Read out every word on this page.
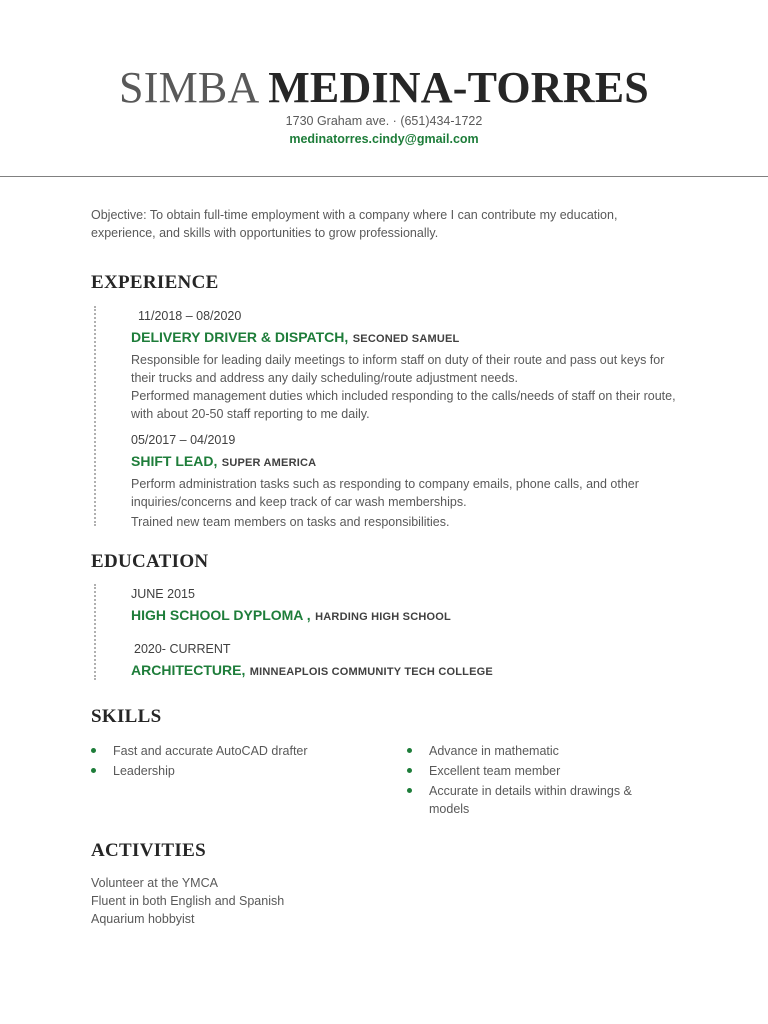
SIMBA MEDINA-TORRES
1730 Graham ave. · (651)434-1722
medinatorres.cindy@gmail.com
Objective: To obtain full-time employment with a company where I can contribute my education, experience, and skills with opportunities to grow professionally.
EXPERIENCE
11/2018 – 08/2020
DELIVERY DRIVER & DISPATCH, SECONED SAMUEL
Responsible for leading daily meetings to inform staff on duty of their route and pass out keys for their trucks and address any daily scheduling/route adjustment needs.
Performed management duties which included responding to the calls/needs of staff on their route, with about 20-50 staff reporting to me daily.
05/2017 – 04/2019
SHIFT LEAD, SUPER AMERICA
Perform administration tasks such as responding to company emails, phone calls, and other inquiries/concerns and keep track of car wash memberships.
Trained new team members on tasks and responsibilities.
EDUCATION
JUNE 2015
HIGH SCHOOL DYPLOMA , HARDING HIGH SCHOOL
2020- CURRENT
ARCHITECTURE, MINNEAPLOIS COMMUNITY TECH COLLEGE
SKILLS
Fast and accurate AutoCAD drafter
Leadership
Advance in mathematic
Excellent team member
Accurate in details within drawings & models
ACTIVITIES
Volunteer at the YMCA
Fluent in both English and Spanish
Aquarium hobbyist
